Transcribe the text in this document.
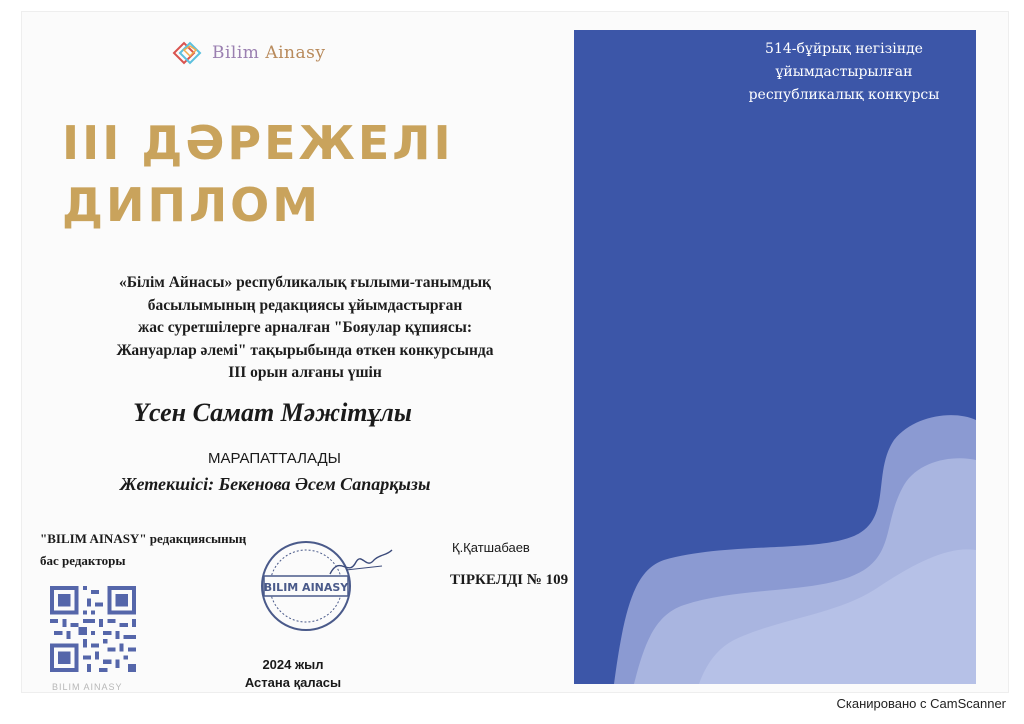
Bilim Ainasy
ІІІ ДӘРЕЖЕЛІ
ДИПЛОМ
«Білім Айнасы» республикалық ғылыми-танымдық
басылымының редакциясы ұйымдастырған
жас суретшілерге арналған "Бояулар құпиясы:
Жануарлар әлемі" тақырыбында өткен конкурсында
ІІІ орын алғаны үшін
Үсен Самат Мәжітұлы
МАРАПАТТАЛАДЫ
Жетекшісі: Бекенова Әсем Сапарқызы
"BILIM AINASY" редакциясының
бас редакторы
BILIM AINASY
Қ.Қатшабаев
ТІРКЕЛДІ № 109
BILIM AINASY
2024 жыл
Астана қаласы
514-бұйрық негізінде
ұйымдастырылған
республикалық конкурсы
Сканировано с CamScanner
